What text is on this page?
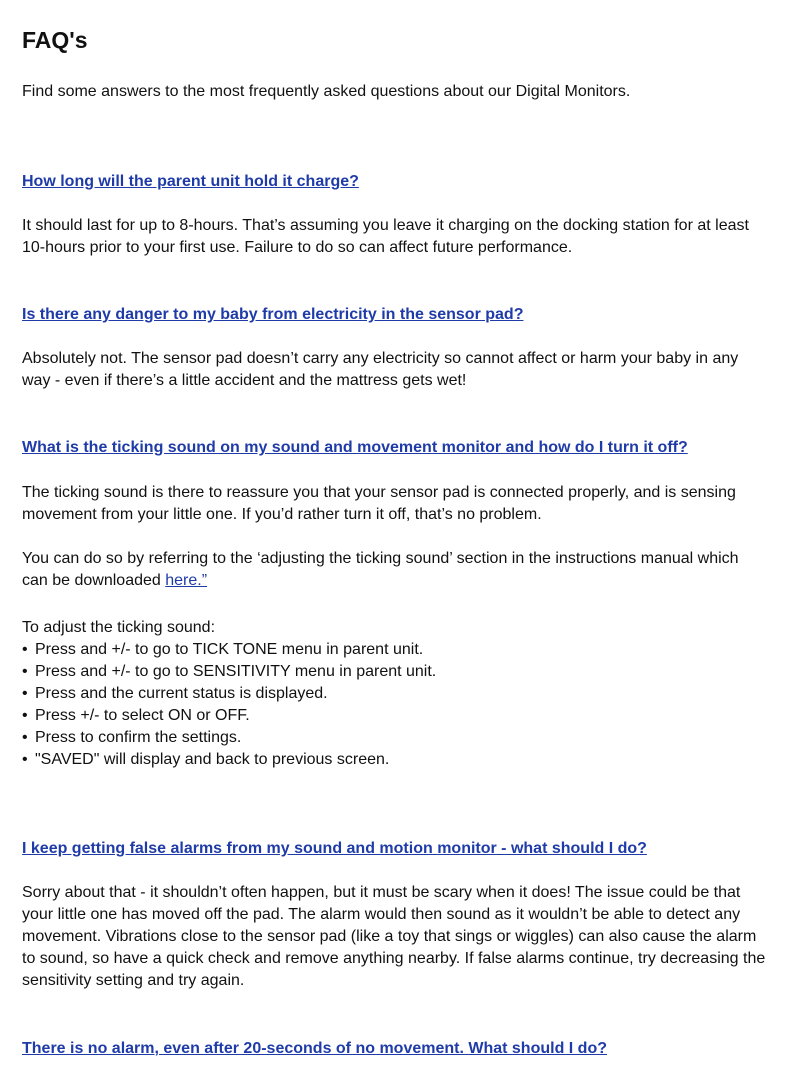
FAQ's

Find some answers to the most frequently asked questions about our Digital Monitors.

How long will the parent unit hold it charge?

It should last for up to 8-hours. That’s assuming you leave it charging on the docking station for at least
10-hours prior to your first use. Failure to do so can affect future performance.

Is there any danger to my baby from electricity in the sensor pad?

Absolutely not. The sensor pad doesn’t carry any electricity so cannot affect or harm your baby in any
way - even if there’s a little accident and the mattress gets wet!

What is the ticking sound on my sound and movement monitor and how do I turn it off?

The ticking sound is there to reassure you that your sensor pad is connected properly, and is sensing
movement from your little one. If you’d rather turn it off, that’s no problem.

You can do so by referring to the ‘adjusting the ticking sound’ section in the instructions manual which
can be downloaded here.”

To adjust the ticking sound:

• Press and +/- to go to TICK TONE menu in parent unit.
• Press and +/- to go to SENSITIVITY menu in parent unit.
• Press and the current status is displayed.
• Press +/- to select ON or OFF.
• Press to confirm the settings.
• "SAVED" will display and back to previous screen.
I keep getting false alarms from my sound and motion monitor - what should I do?

Sorry about that - it shouldn’t often happen, but it must be scary when it does! The issue could be that
your little one has moved off the pad. The alarm would then sound as it wouldn’t be able to detect any
movement. Vibrations close to the sensor pad (like a toy that sings or wiggles) can also cause the alarm
to sound, so have a quick check and remove anything nearby. If false alarms continue, try decreasing the
sensitivity setting and try again.

There is no alarm, even after 20-seconds of no movement. What should I do?
